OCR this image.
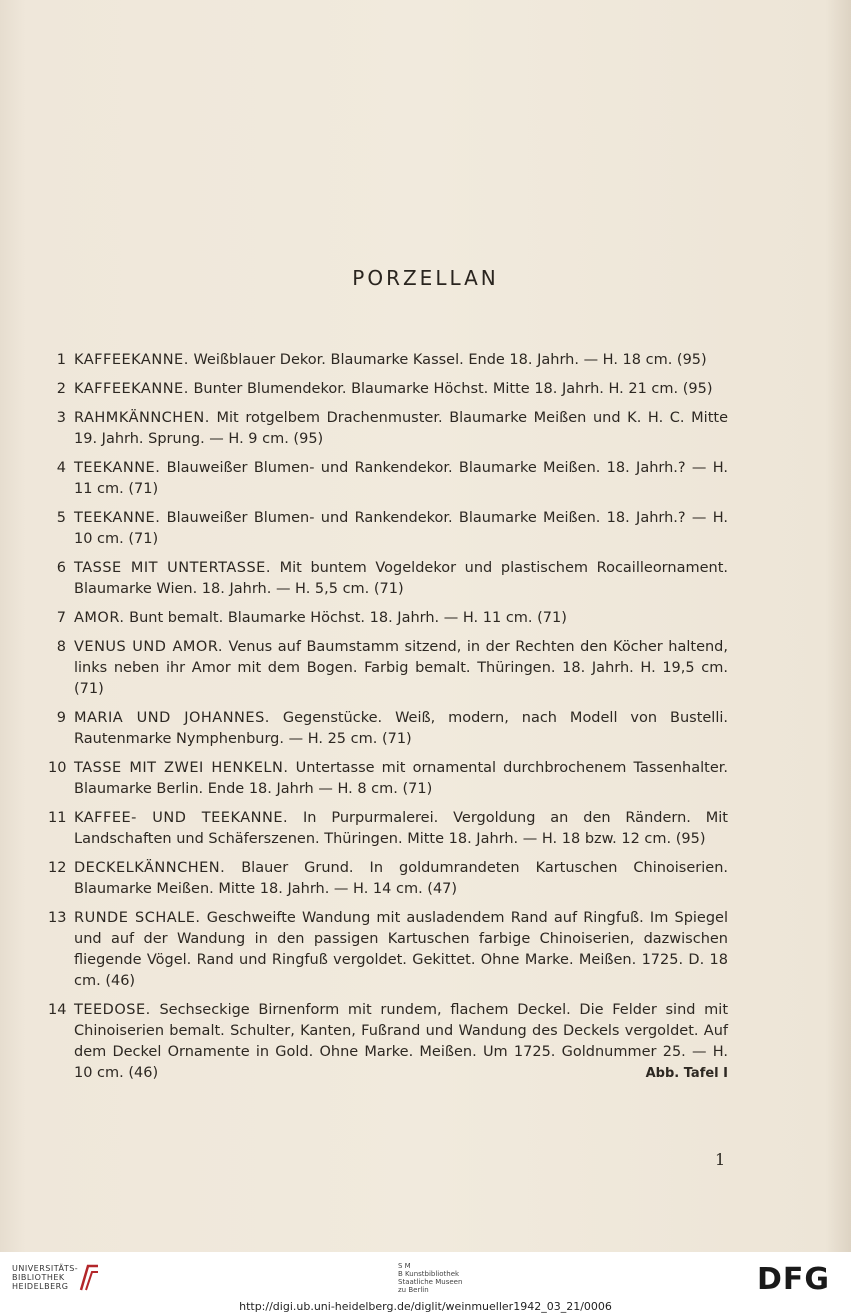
PORZELLAN
1 KAFFEEKANNE. Weißblauer Dekor. Blaumarke Kassel. Ende 18. Jahrh. — H. 18 cm. (95)
2 KAFFEEKANNE. Bunter Blumendekor. Blaumarke Höchst. Mitte 18. Jahrh. H. 21 cm. (95)
3 RAHMKÄNNCHEN. Mit rotgelbem Drachenmuster. Blaumarke Meißen und K. H. C. Mitte 19. Jahrh. Sprung. — H. 9 cm. (95)
4 TEEKANNE. Blauweißer Blumen- und Rankendekor. Blaumarke Meißen. 18. Jahrh.? — H. 11 cm. (71)
5 TEEKANNE. Blauweißer Blumen- und Rankendekor. Blaumarke Meißen. 18. Jahrh.? — H. 10 cm. (71)
6 TASSE MIT UNTERTASSE. Mit buntem Vogeldekor und plastischem Rocailleornament. Blaumarke Wien. 18. Jahrh. — H. 5,5 cm. (71)
7 AMOR. Bunt bemalt. Blaumarke Höchst. 18. Jahrh. — H. 11 cm. (71)
8 VENUS UND AMOR. Venus auf Baumstamm sitzend, in der Rechten den Köcher haltend, links neben ihr Amor mit dem Bogen. Farbig bemalt. Thüringen. 18. Jahrh. H. 19,5 cm. (71)
9 MARIA UND JOHANNES. Gegenstücke. Weiß, modern, nach Modell von Bustelli. Rautenmarke Nymphenburg. — H. 25 cm. (71)
10 TASSE MIT ZWEI HENKELN. Untertasse mit ornamental durchbrochenem Tassenhalter. Blaumarke Berlin. Ende 18. Jahrh — H. 8 cm. (71)
11 KAFFEE- UND TEEKANNE. In Purpurmalerei. Vergoldung an den Rändern. Mit Landschaften und Schäferszenen. Thüringen. Mitte 18. Jahrh. — H. 18 bzw. 12 cm. (95)
12 DECKELKÄNNCHEN. Blauer Grund. In goldumrandeten Kartuschen Chinoiserien. Blaumarke Meißen. Mitte 18. Jahrh. — H. 14 cm. (47)
13 RUNDE SCHALE. Geschweifte Wandung mit ausladendem Rand auf Ringfuß. Im Spiegel und auf der Wandung in den passigen Kartuschen farbige Chinoiserien, dazwischen fliegende Vögel. Rand und Ringfuß vergoldet. Gekittet. Ohne Marke. Meißen. 1725. D. 18 cm. (46)
14 TEEDOSE. Sechseckige Birnenform mit rundem, flachem Deckel. Die Felder sind mit Chinoiserien bemalt. Schulter, Kanten, Fußrand und Wandung des Deckels vergoldet. Auf dem Deckel Ornamente in Gold. Ohne Marke. Meißen. Um 1725. Goldnummer 25. — H. 10 cm. (46)	Abb. Tafel I
1
UNIVERSITÄTS-
BIBLIOTHEK
HEIDELBERG
S M
B Kunstbibliothek
Staatliche Museen
zu Berlin	DFG
http://digi.ub.uni-heidelberg.de/diglit/weinmueller1942_03_21/0006
